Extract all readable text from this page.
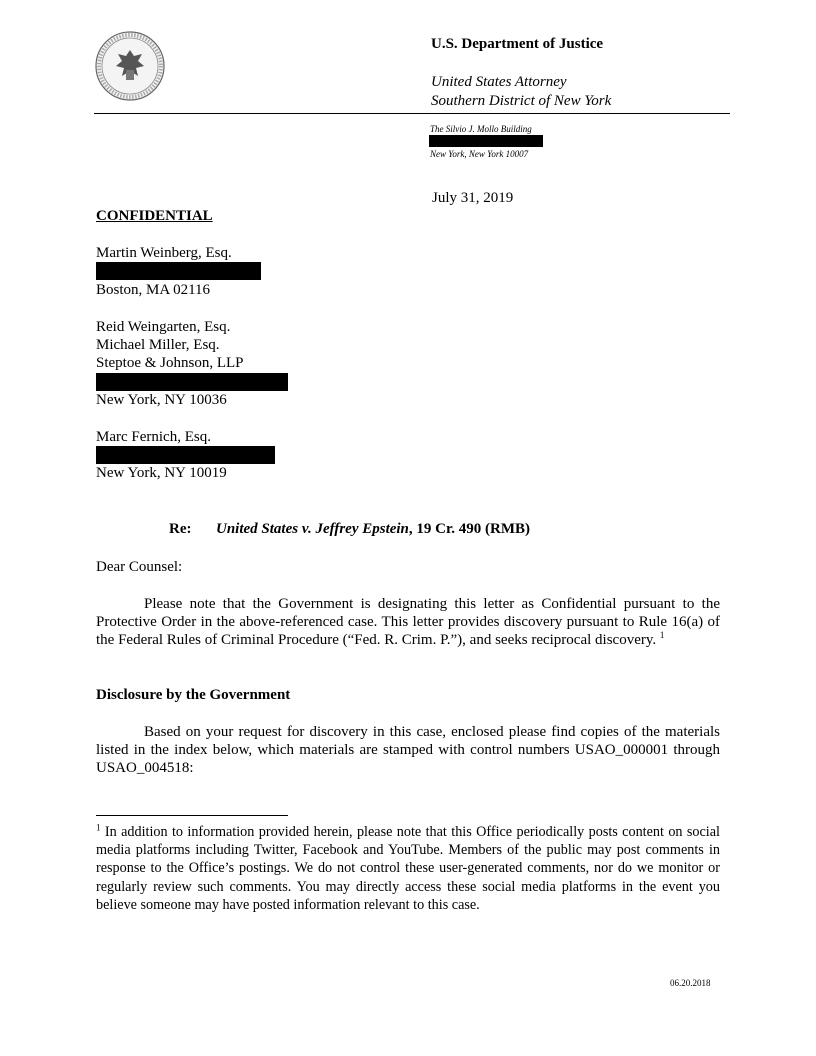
U.S. Department of Justice
United States Attorney
Southern District of New York
The Silvio J. Mollo Building
New York, New York 10007
July 31, 2019
CONFIDENTIAL
Martin Weinberg, Esq.
Boston, MA 02116
Reid Weingarten, Esq.
Michael Miller, Esq.
Steptoe & Johnson, LLP
New York, NY 10036
Marc Fernich, Esq.
New York, NY 10019
Re: United States v. Jeffrey Epstein, 19 Cr. 490 (RMB)
Dear Counsel:

Please note that the Government is designating this letter as Confidential pursuant to the Protective Order in the above-referenced case. This letter provides discovery pursuant to Rule 16(a) of the Federal Rules of Criminal Procedure (“Fed. R. Crim. P.”), and seeks reciprocal discovery. $^1$

Disclosure by the Government

Based on your request for discovery in this case, enclosed please find copies of the materials listed in the index below, which materials are stamped with control numbers USAO_000001 through USAO_004518:

$^1$ In addition to information provided herein, please note that this Office periodically posts content on social media platforms including Twitter, Facebook and YouTube. Members of the public may post comments in response to the Office’s postings. We do not control these user-generated comments, nor do we monitor or regularly review such comments. You may directly access these social media platforms in the event you believe someone may have posted information relevant to this case.
06.20.2018
